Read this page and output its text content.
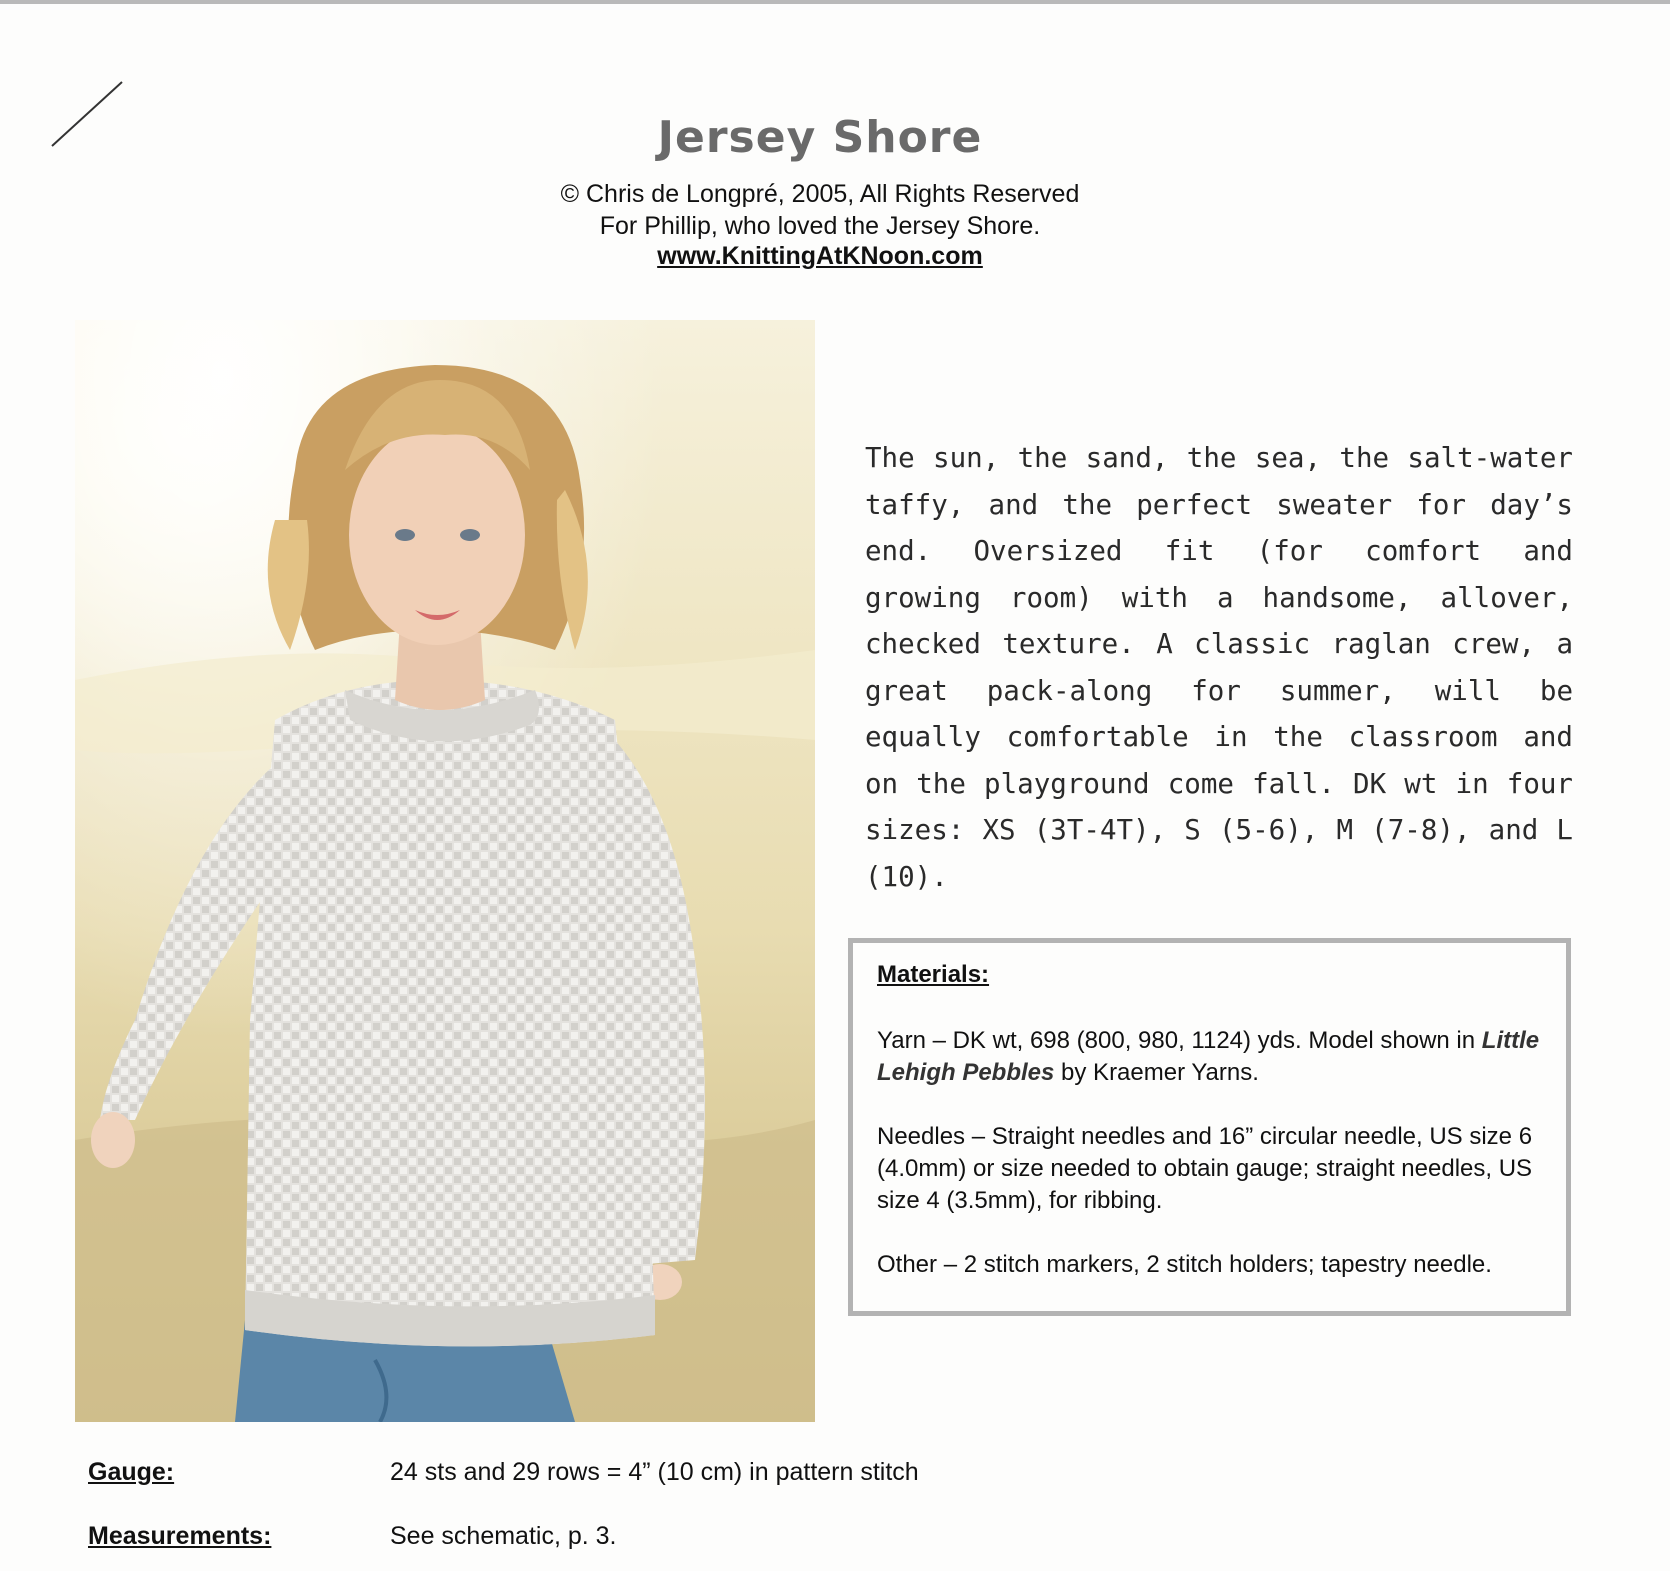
Jersey Shore
© Chris de Longpré, 2005, All Rights Reserved
For Phillip, who loved the Jersey Shore.
www.KnittingAtKNoon.com

The sun, the sand, the sea, the salt-water taffy, and the perfect sweater for day’s end. Oversized fit (for comfort and growing room) with a handsome, allover, checked texture. A classic raglan crew, a great pack-along for summer, will be equally comfortable in the classroom and on the playground come fall. DK wt in four sizes: XS (3T-4T), S (5-6), M (7-8), and L (10).

Materials:

Yarn – DK wt, 698 (800, 980, 1124) yds. Model shown in Little Lehigh Pebbles by Kraemer Yarns.

Needles – Straight needles and 16” circular needle, US size 6 (4.0mm) or size needed to obtain gauge; straight needles, US size 4 (3.5mm), for ribbing.

Other – 2 stitch markers, 2 stitch holders; tapestry needle.

Gauge:	24 sts and 29 rows = 4” (10 cm) in pattern stitch
Measurements:	See schematic, p. 3.
